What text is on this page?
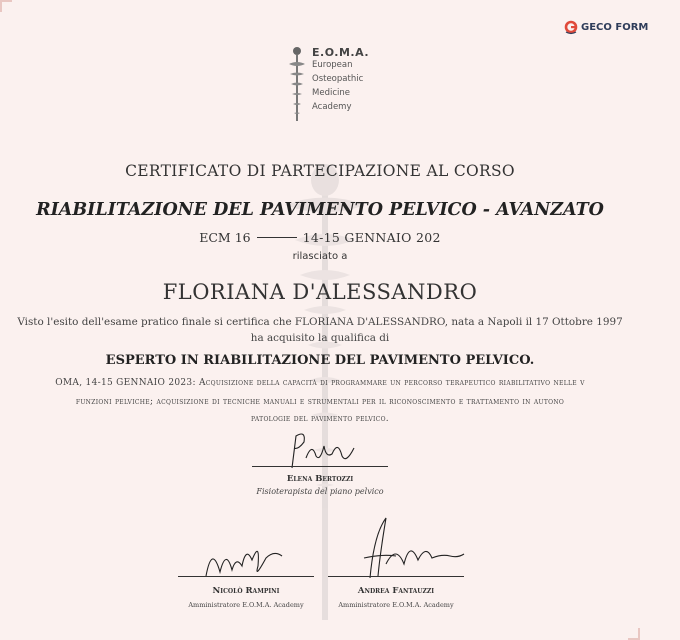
E.O.M.A.
European
Osteopathic
Medicine
Academy
GECO FORM
CERTIFICATO DI PARTECIPAZIONE AL CORSO
RIABILITAZIONE DEL PAVIMENTO PELVICO - AVANZATO
ECM 16	14-15 GENNAIO 202
rilasciato a
FLORIANA D'ALESSANDRO
Visto l'esito dell'esame pratico finale si certifica che FLORIANA D'ALESSANDRO, nata a Napoli il 17 Ottobre 1997
ha acquisito la qualifica di
ESPERTO IN RIABILITAZIONE DEL PAVIMENTO PELVICO.
OMA, 14-15 GENNAIO 2023: Acquisizione della capacità di programmare un percorso terapeutico riabilitativo nelle v
funzioni pelviche; acquisizione di tecniche manuali e strumentali per il riconoscimento e trattamento in autono
patologie del pavimento pelvico.
Elena Bertozzi
Fisioterapista del piano pelvico
Nicolò Rampini
Amministratore E.O.M.A. Academy
Andrea Fantauzzi
Amministratore E.O.M.A. Academy
